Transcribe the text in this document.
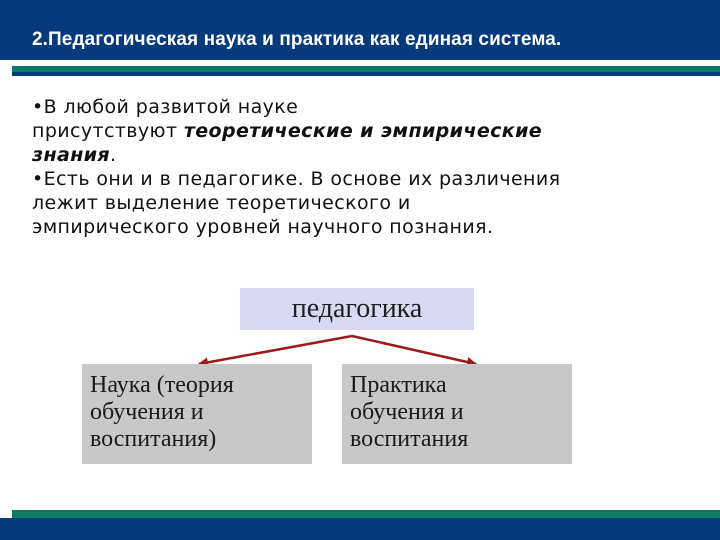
2.Педагогическая наука и практика как единая система.

•В любой развитой науке

присутствуют теоретические и эмпирические

знания.

•Есть они и в педагогике. В основе их различения

лежит выделение теоретического и

эмпирического уровней научного познания.

педагогика
Наука (теория
обучения и
воспитания)
Практика
обучения и
воспитания
